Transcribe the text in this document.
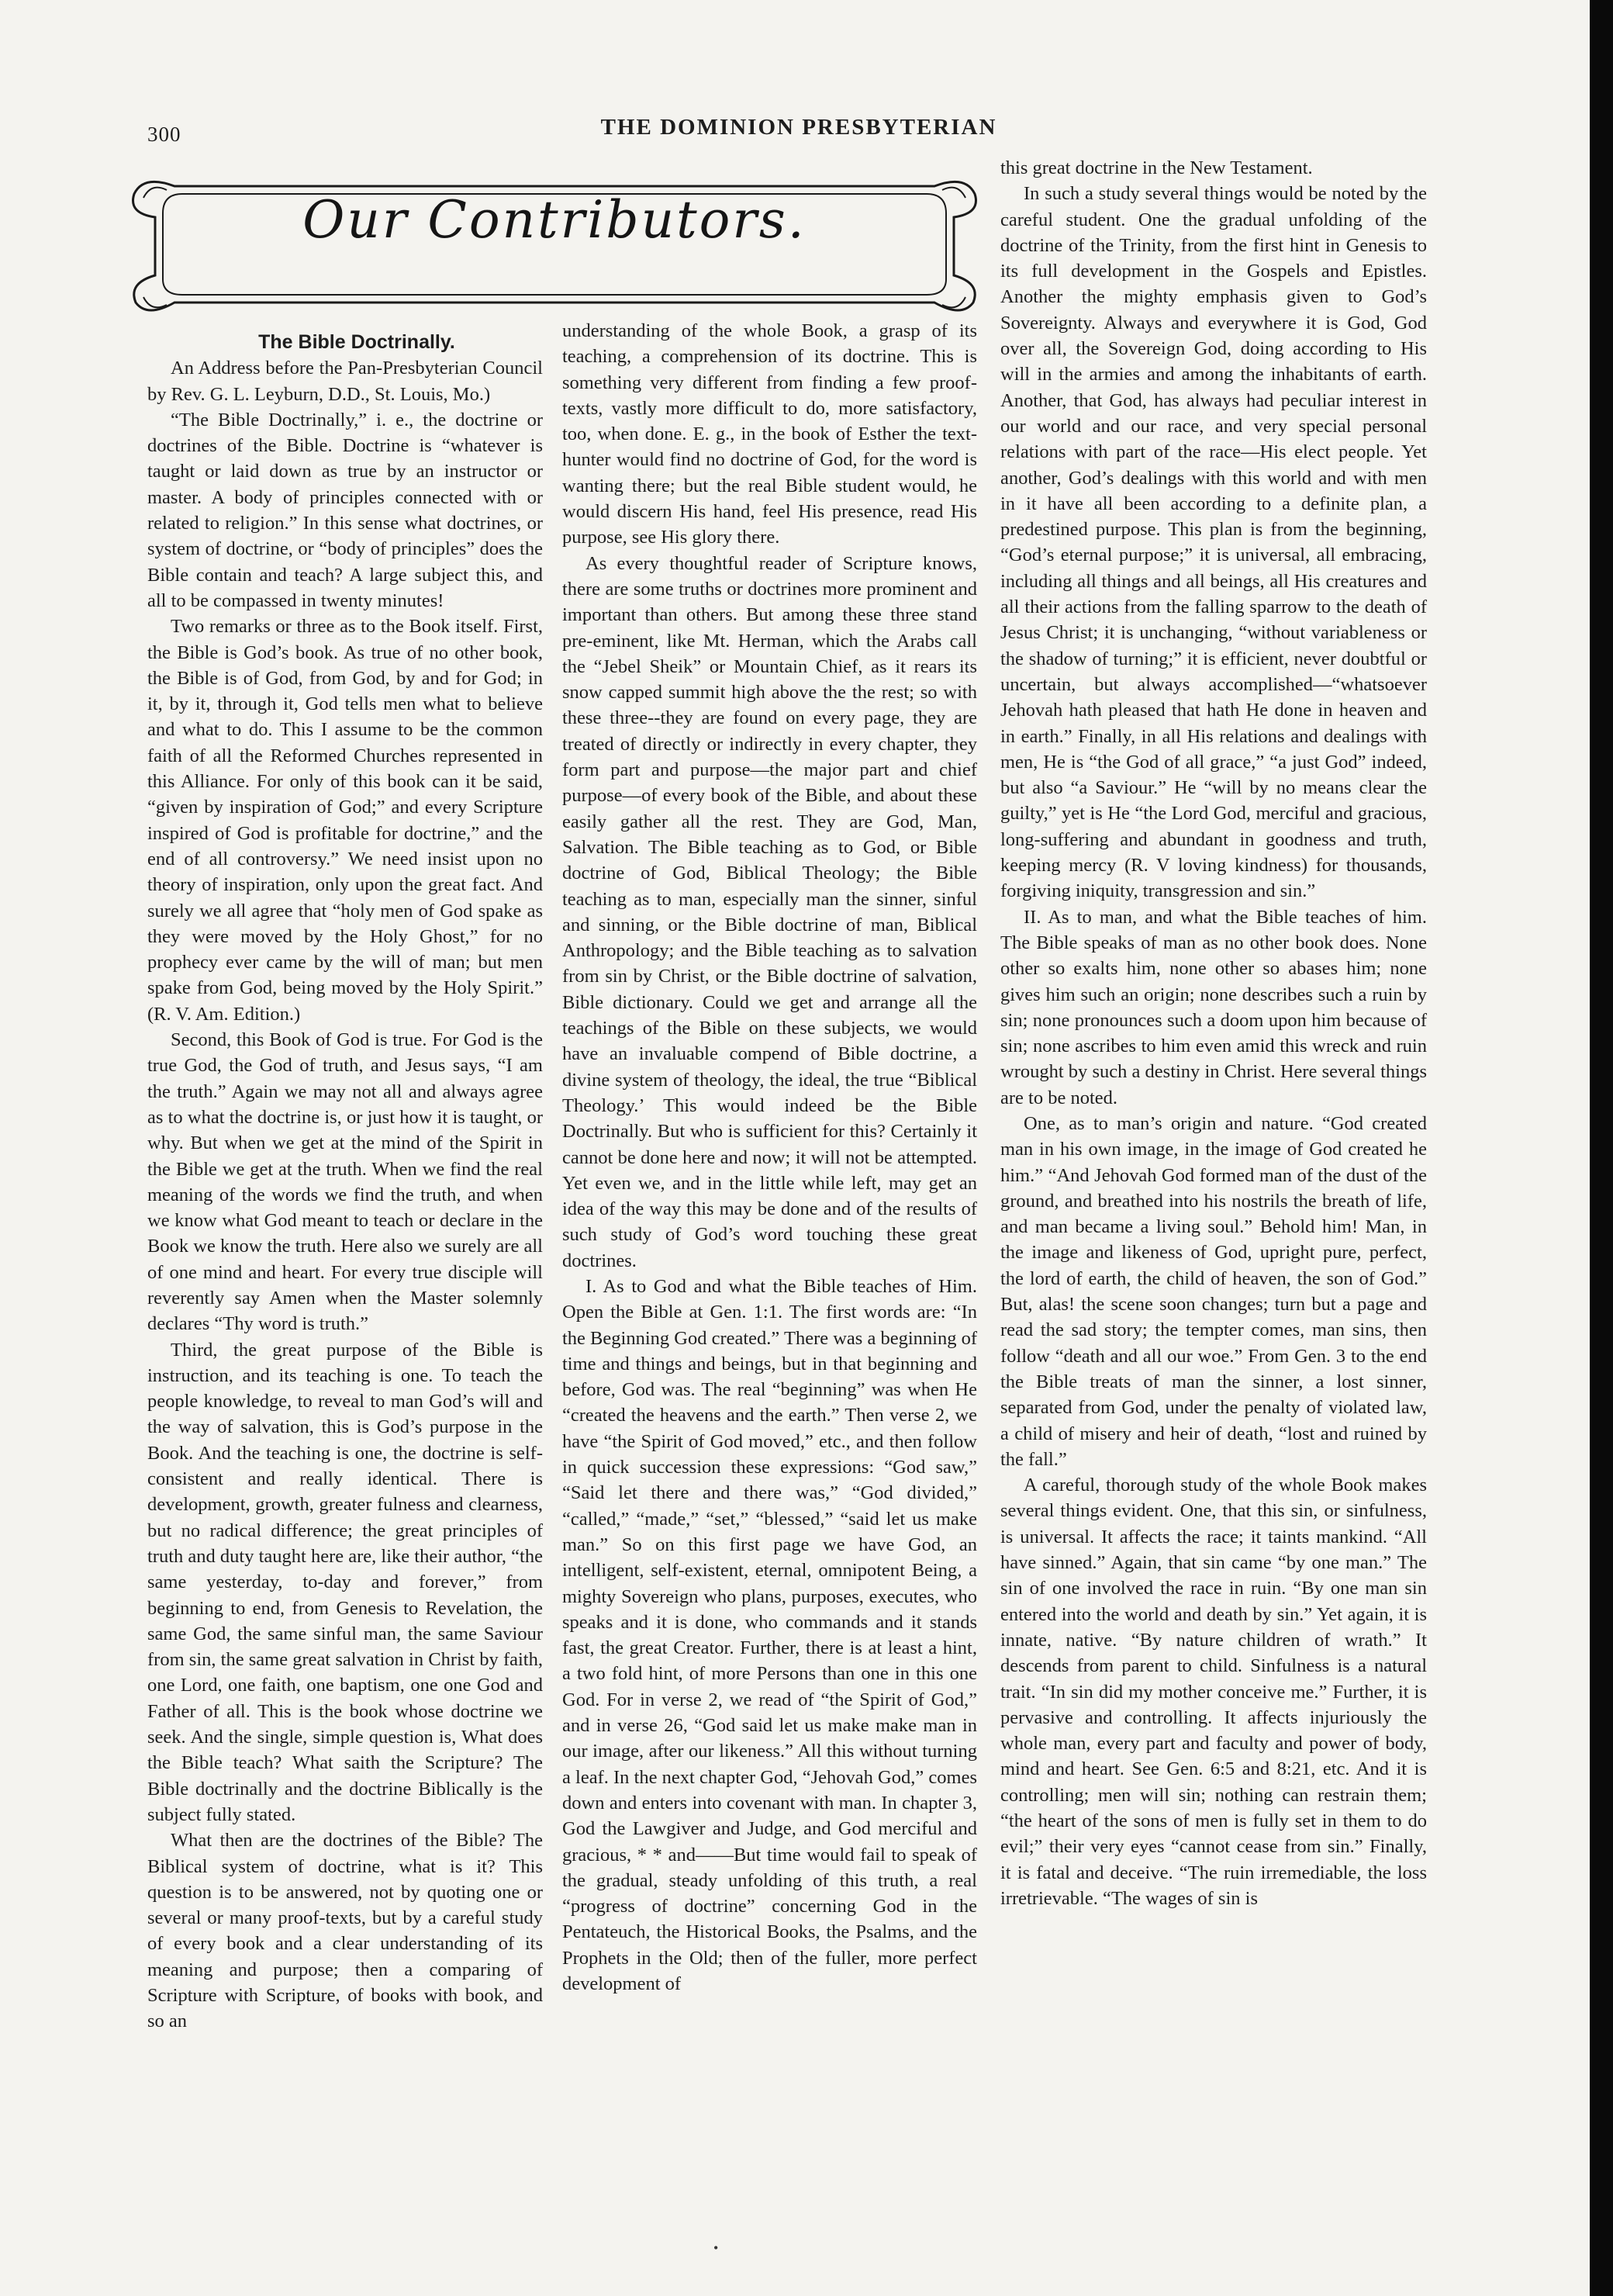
300	THE DOMINION PRESBYTERIAN
Our Contributors.

The Bible Doctrinally.

An Address before the Pan-Presbyterian Council by Rev. G. L. Leyburn, D.D., St. Louis, Mo.)

“The Bible Doctrinally,” i. e., the doctrine or doctrines of the Bible. Doctrine is “whatever is taught or laid down as true by an instructor or master. A body of principles connected with or related to religion.” In this sense what doctrines, or system of doctrine, or “body of principles” does the Bible contain and teach? A large subject this, and all to be compassed in twenty minutes!

Two remarks or three as to the Book itself. First, the Bible is God’s book. As true of no other book, the Bible is of God, from God, by and for God; in it, by it, through it, God tells men what to believe and what to do. This I assume to be the common faith of all the Reformed Churches represented in this Alliance. For only of this book can it be said, “given by inspiration of God;” and every Scripture inspired of God is profitable for doctrine,” and the end of all controversy.” We need insist upon no theory of inspiration, only upon the great fact. And surely we all agree that “holy men of God spake as they were moved by the Holy Ghost,” for no prophecy ever came by the will of man; but men spake from God, being moved by the Holy Spirit.” (R. V. Am. Edition.)

Second, this Book of God is true. For God is the true God, the God of truth, and Jesus says, “I am the truth.” Again we may not all and always agree as to what the doctrine is, or just how it is taught, or why. But when we get at the mind of the Spirit in the Bible we get at the truth. When we find the real meaning of the words we find the truth, and when we know what God meant to teach or declare in the Book we know the truth. Here also we surely are all of one mind and heart. For every true disciple will reverently say Amen when the Master solemnly declares “Thy word is truth.”

Third, the great purpose of the Bible is instruction, and its teaching is one. To teach the people knowledge, to reveal to man God’s will and the way of salvation, this is God’s purpose in the Book. And the teaching is one, the doctrine is self-consistent and really identical. There is development, growth, greater fulness and clearness, but no radical difference; the great principles of truth and duty taught here are, like their author, “the same yesterday, to-day and forever,” from beginning to end, from Genesis to Revelation, the same God, the same sinful man, the same Saviour from sin, the same great salvation in Christ by faith, one Lord, one faith, one baptism, one one God and Father of all. This is the book whose doctrine we seek. And the single, simple question is, What does the Bible teach? What saith the Scripture? The Bible doctrinally and the doctrine Biblically is the subject fully stated.

What then are the doctrines of the Bible? The Biblical system of doctrine, what is it? This question is to be answered, not by quoting one or several or many proof-texts, but by a careful study of every book and a clear understanding of its meaning and purpose; then a comparing of Scripture with Scripture, of books with book, and so an

understanding of the whole Book, a grasp of its teaching, a comprehension of its doctrine. This is something very different from finding a few proof-texts, vastly more difficult to do, more satisfactory, too, when done. E. g., in the book of Esther the text-hunter would find no doctrine of God, for the word is wanting there; but the real Bible student would, he would discern His hand, feel His presence, read His purpose, see His glory there.

As every thoughtful reader of Scripture knows, there are some truths or doctrines more prominent and important than others. But among these three stand pre-eminent, like Mt. Herman, which the Arabs call the “Jebel Sheik” or Mountain Chief, as it rears its snow capped summit high above the the rest; so with these three--they are found on every page, they are treated of directly or indirectly in every chapter, they form part and purpose—the major part and chief purpose—of every book of the Bible, and about these easily gather all the rest. They are God, Man, Salvation. The Bible teaching as to God, or Bible doctrine of God, Biblical Theology; the Bible teaching as to man, especially man the sinner, sinful and sinning, or the Bible doctrine of man, Biblical Anthropology; and the Bible teaching as to salvation from sin by Christ, or the Bible doctrine of salvation, Bible dictionary. Could we get and arrange all the teachings of the Bible on these subjects, we would have an invaluable compend of Bible doctrine, a divine system of theology, the ideal, the true “Biblical Theology.’ This would indeed be the Bible Doctrinally. But who is sufficient for this? Certainly it cannot be done here and now; it will not be attempted. Yet even we, and in the little while left, may get an idea of the way this may be done and of the results of such study of God’s word touching these great doctrines.

I. As to God and what the Bible teaches of Him. Open the Bible at Gen. 1:1. The first words are: “In the Beginning God created.” There was a beginning of time and things and beings, but in that beginning and before, God was. The real “beginning” was when He “created the heavens and the earth.” Then verse 2, we have “the Spirit of God moved,” etc., and then follow in quick succession these expressions: “God saw,” “Said let there and there was,” “God divided,” “called,” “made,” “set,” “blessed,” “said let us make man.” So on this first page we have God, an intelligent, self-existent, eternal, omnipotent Being, a mighty Sovereign who plans, purposes, executes, who speaks and it is done, who commands and it stands fast, the great Creator. Further, there is at least a hint, a two fold hint, of more Persons than one in this one God. For in verse 2, we read of “the Spirit of God,” and in verse 26, “God said let us make make man in our image, after our likeness.” All this without turning a leaf. In the next chapter God, “Jehovah God,” comes down and enters into covenant with man. In chapter 3, God the Lawgiver and Judge, and God merciful and gracious, * * and——But time would fail to speak of the gradual, steady unfolding of this truth, a real “progress of doctrine” concerning God in the Pentateuch, the Historical Books, the Psalms, and the Prophets in the Old; then of the fuller, more perfect development of

this great doctrine in the New Testament.

In such a study several things would be noted by the careful student. One the gradual unfolding of the doctrine of the Trinity, from the first hint in Genesis to its full development in the Gospels and Epistles. Another the mighty emphasis given to God’s Sovereignty. Always and everywhere it is God, God over all, the Sovereign God, doing according to His will in the armies and among the inhabitants of earth. Another, that God, has always had peculiar interest in our world and our race, and very special personal relations with part of the race—His elect people. Yet another, God’s dealings with this world and with men in it have all been according to a definite plan, a predestined purpose. This plan is from the beginning, “God’s eternal purpose;” it is universal, all embracing, including all things and all beings, all His creatures and all their actions from the falling sparrow to the death of Jesus Christ; it is unchanging, “without variableness or the shadow of turning;” it is efficient, never doubtful or uncertain, but always accomplished—“whatsoever Jehovah hath pleased that hath He done in heaven and in earth.” Finally, in all His relations and dealings with men, He is “the God of all grace,” “a just God” indeed, but also “a Saviour.” He “will by no means clear the guilty,” yet is He “the Lord God, merciful and gracious, long-suffering and abundant in goodness and truth, keeping mercy (R. V loving kindness) for thousands, forgiving iniquity, transgression and sin.”

II. As to man, and what the Bible teaches of him. The Bible speaks of man as no other book does. None other so exalts him, none other so abases him; none gives him such an origin; none describes such a ruin by sin; none pronounces such a doom upon him because of sin; none ascribes to him even amid this wreck and ruin wrought by such a destiny in Christ. Here several things are to be noted.

One, as to man’s origin and nature. “God created man in his own image, in the image of God created he him.” “And Jehovah God formed man of the dust of the ground, and breathed into his nostrils the breath of life, and man became a living soul.” Behold him! Man, in the image and likeness of God, upright pure, perfect, the lord of earth, the child of heaven, the son of God.” But, alas! the scene soon changes; turn but a page and read the sad story; the tempter comes, man sins, then follow “death and all our woe.” From Gen. 3 to the end the Bible treats of man the sinner, a lost sinner, separated from God, under the penalty of violated law, a child of misery and heir of death, “lost and ruined by the fall.”

A careful, thorough study of the whole Book makes several things evident. One, that this sin, or sinfulness, is universal. It affects the race; it taints mankind. “All have sinned.” Again, that sin came “by one man.” The sin of one involved the race in ruin. “By one man sin entered into the world and death by sin.” Yet again, it is innate, native. “By nature children of wrath.” It descends from parent to child. Sinfulness is a natural trait. “In sin did my mother conceive me.” Further, it is pervasive and controlling. It affects injuriously the whole man, every part and faculty and power of body, mind and heart. See Gen. 6:5 and 8:21, etc. And it is controlling; men will sin; nothing can restrain them; “the heart of the sons of men is fully set in them to do evil;” their very eyes “cannot cease from sin.” Finally, it is fatal and deceive. “The ruin irremediable, the loss irretrievable. “The wages of sin is

•
